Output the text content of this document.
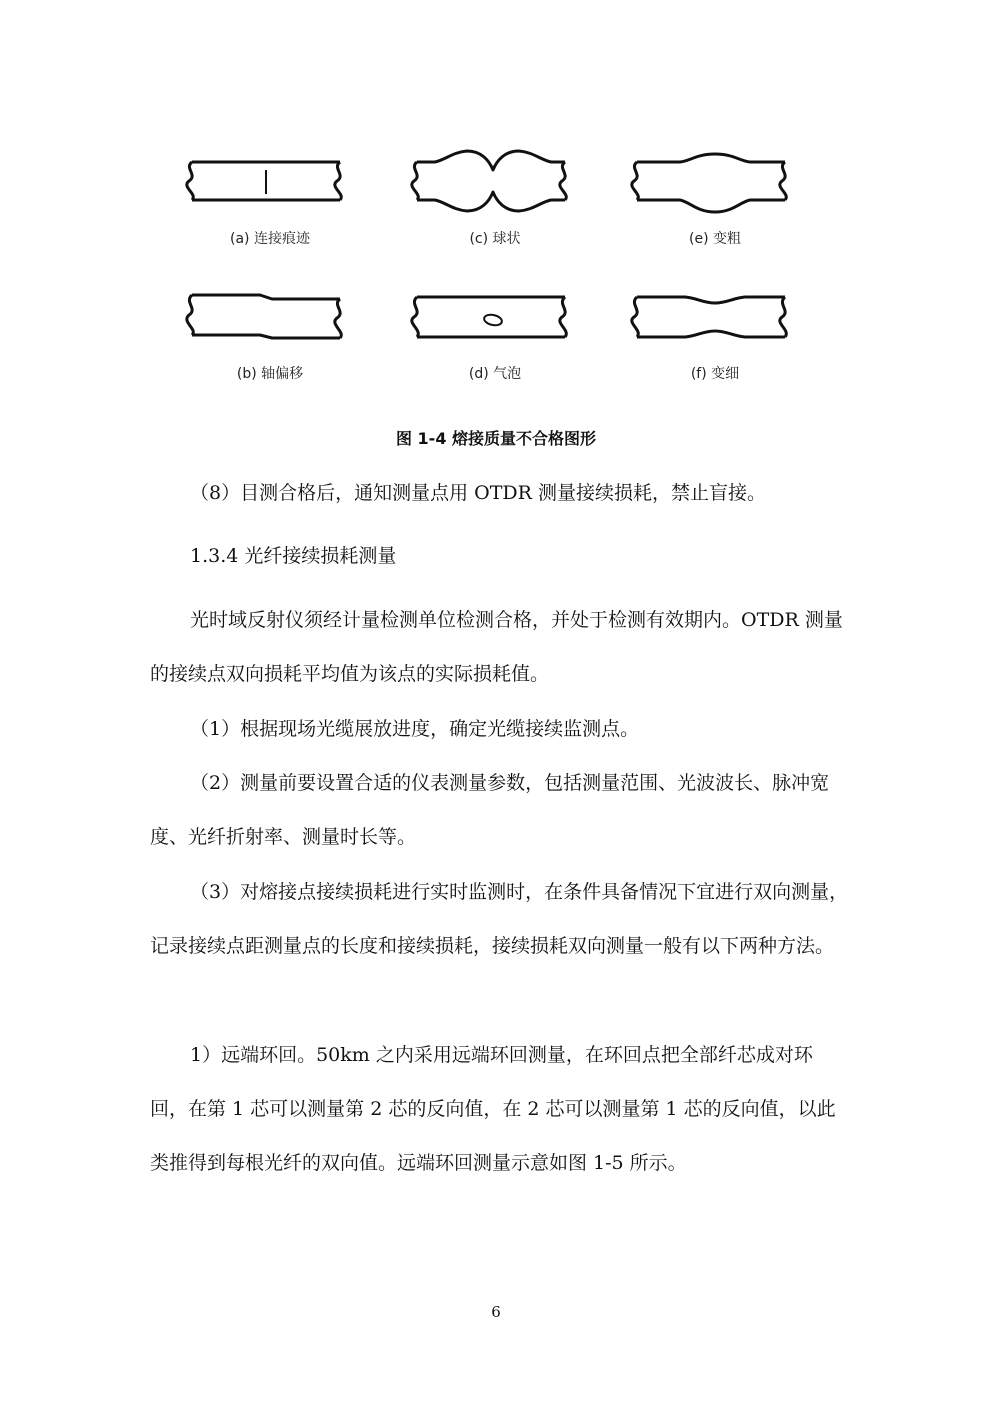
(a) 连接痕迹	(c) 球状	(e) 变粗
(b) 轴偏移	(d) 气泡	(f) 变细
图 1-4 熔接质量不合格图形

（8）目测合格后，通知测量点用 OTDR 测量接续损耗，禁止盲接。

1.3.4 光纤接续损耗测量

光时域反射仪须经计量检测单位检测合格，并处于检测有效期内。OTDR 测量的接续点双向损耗平均值为该点的实际损耗值。

（1）根据现场光缆展放进度，确定光缆接续监测点。

（2）测量前要设置合适的仪表测量参数，包括测量范围、光波波长、脉冲宽度、光纤折射率、测量时长等。

（3）对熔接点接续损耗进行实时监测时，在条件具备情况下宜进行双向测量，记录接续点距测量点的长度和接续损耗，接续损耗双向测量一般有以下两种方法。

1）远端环回。50km 之内采用远端环回测量，在环回点把全部纤芯成对环回，在第 1 芯可以测量第 2 芯的反向值，在 2 芯可以测量第 1 芯的反向值，以此类推得到每根光纤的双向值。远端环回测量示意如图 1-5 所示。

6
